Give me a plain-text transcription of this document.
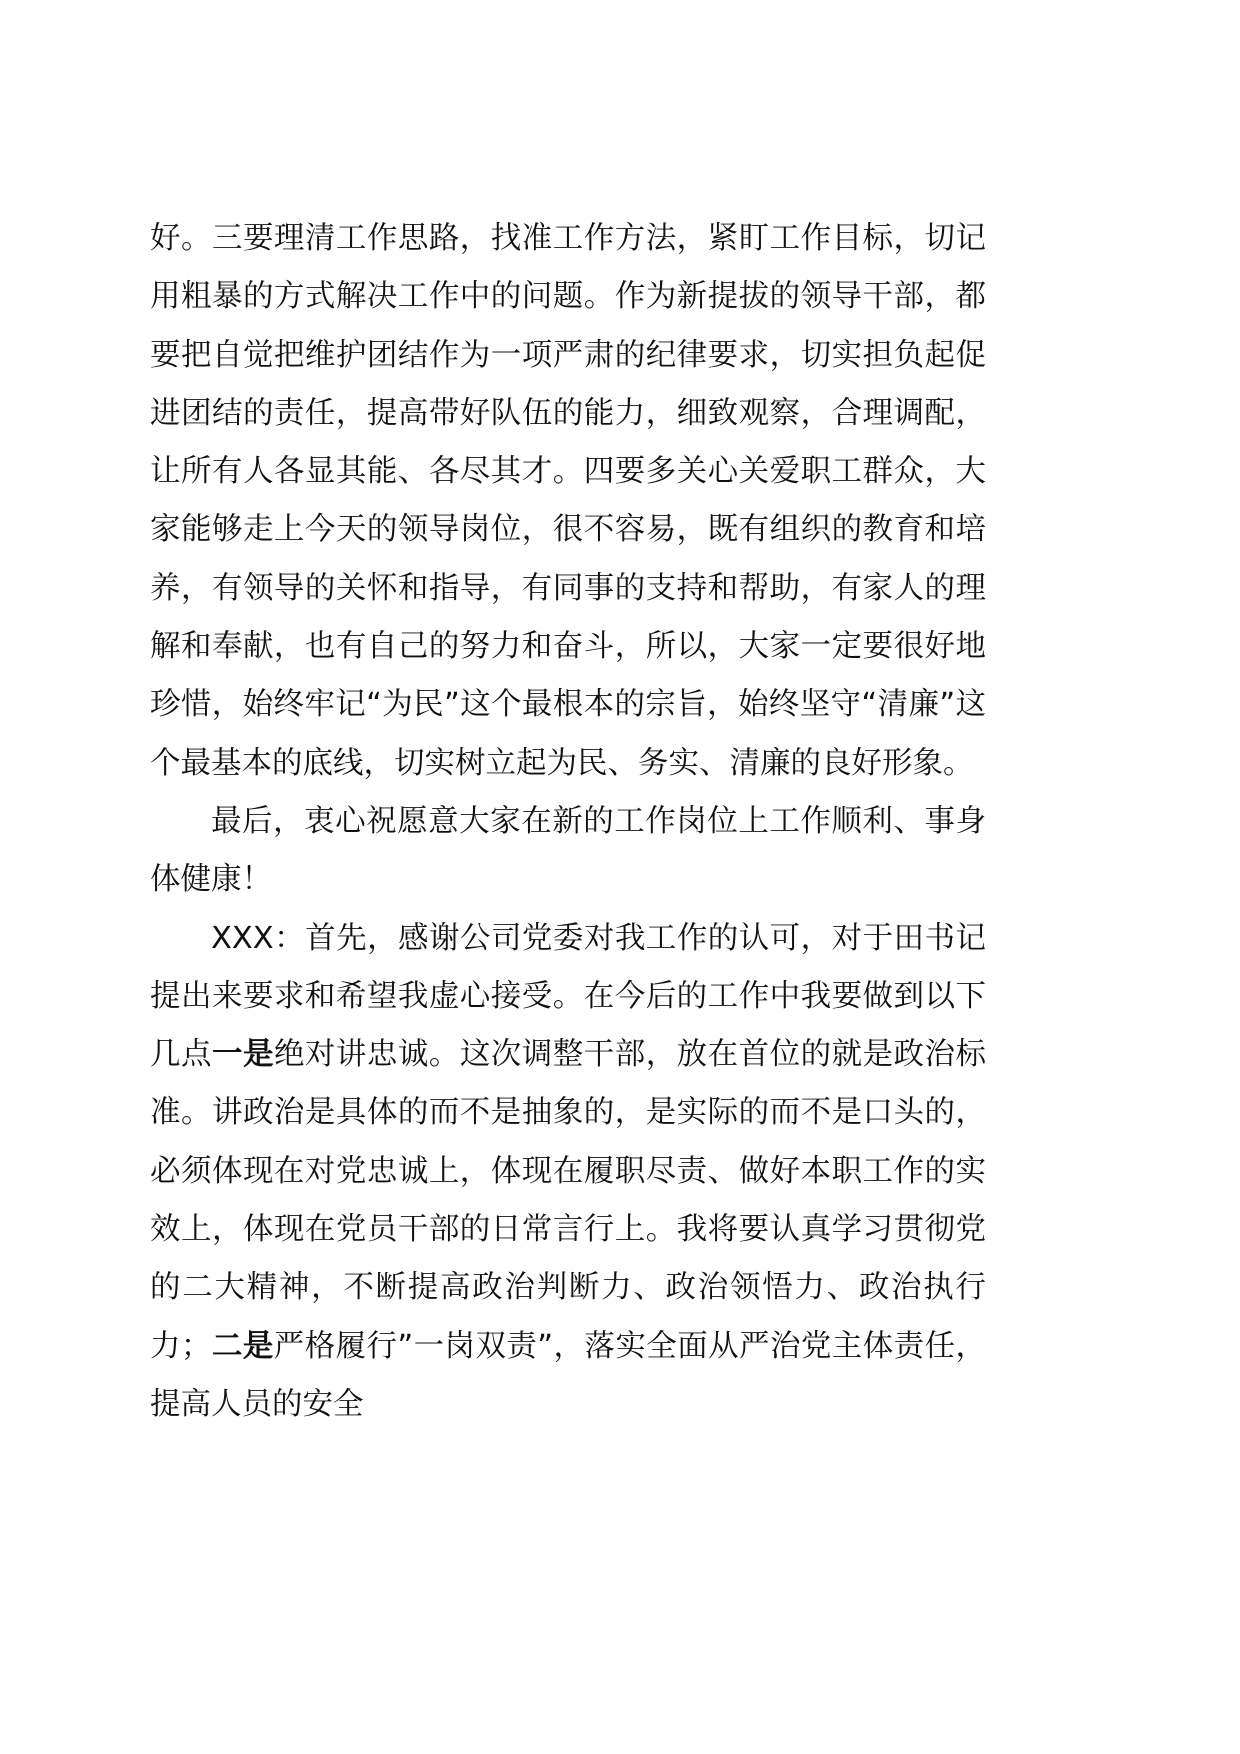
好。三要理清工作思路，找准工作方法，紧盯工作目标，切记用粗暴的方式解决工作中的问题。作为新提拔的领导干部，都要把自觉把维护团结作为一项严肃的纪律要求，切实担负起促进团结的责任，提高带好队伍的能力，细致观察，合理调配，让所有人各显其能、各尽其才。四要多关心关爱职工群众，大家能够走上今天的领导岗位，很不容易，既有组织的教育和培养，有领导的关怀和指导，有同事的支持和帮助，有家人的理解和奉献，也有自己的努力和奋斗，所以，大家一定要很好地珍惜，始终牢记“为民”这个最根本的宗旨，始终坚守“清廉”这个最基本的底线，切实树立起为民、务实、清廉的良好形象。

最后，衷心祝愿意大家在新的工作岗位上工作顺利、事身体健康！

XXX：首先，感谢公司党委对我工作的认可，对于田书记提出来要求和希望我虚心接受。在今后的工作中我要做到以下几点一是绝对讲忠诚。这次调整干部，放在首位的就是政治标准。讲政治是具体的而不是抽象的，是实际的而不是口头的，必须体现在对党忠诚上，体现在履职尽责、做好本职工作的实效上，体现在党员干部的日常言行上。我将要认真学习贯彻党的二大精神，不断提高政治判断力、政治领悟力、政治执行力；二是严格履行”一岗双责”，落实全面从严治党主体责任，提高人员的安全
